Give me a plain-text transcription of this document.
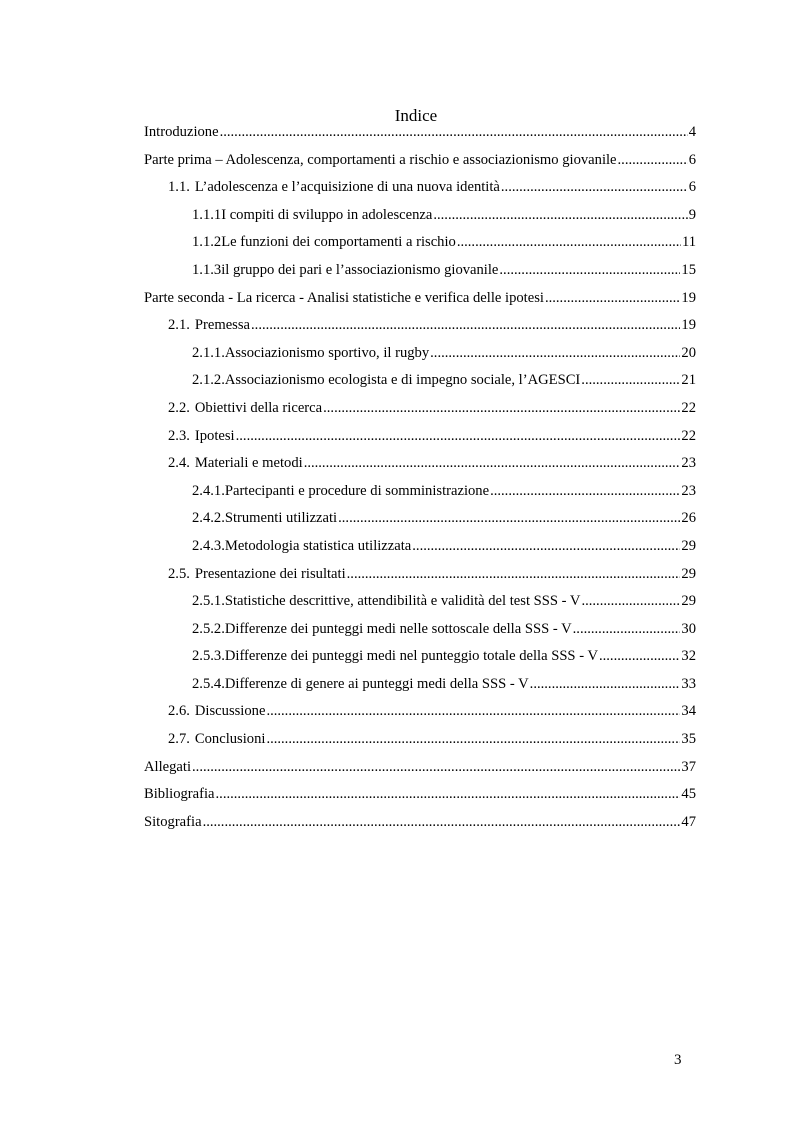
Indice
Introduzione .....	4
Parte prima – Adolescenza, comportamenti a rischio e associazionismo giovanile .....	6
1.1. L’adolescenza e l’acquisizione di una nuova identità .....	6
1.1.1 I compiti di sviluppo in adolescenza .....	9
1.1.2 Le funzioni dei comportamenti a rischio .....	11
1.1.3 il gruppo dei pari e l’associazionismo giovanile .....	15
Parte seconda - La ricerca - Analisi statistiche e verifica delle ipotesi .....	19
2.1. Premessa .....	19
2.1.1. Associazionismo sportivo, il rugby .....	20
2.1.2. Associazionismo ecologista e di impegno sociale, l’AGESCI .....	21
2.2. Obiettivi della ricerca .....	22
2.3. Ipotesi .....	22
2.4. Materiali e metodi .....	23
2.4.1. Partecipanti e procedure di somministrazione .....	23
2.4.2. Strumenti utilizzati .....	26
2.4.3. Metodologia statistica utilizzata .....	29
2.5. Presentazione dei risultati .....	29
2.5.1. Statistiche descrittive, attendibilità e validità del test SSS - V .....	29
2.5.2. Differenze dei punteggi medi nelle sottoscale della SSS - V .....	30
2.5.3. Differenze dei punteggi medi nel punteggio totale della SSS - V .....	32
2.5.4. Differenze di genere ai punteggi medi della SSS - V .....	33
2.6. Discussione .....	34
2.7. Conclusioni .....	35
Allegati .....	37
Bibliografia .....	45
Sitografia .....	47
3
